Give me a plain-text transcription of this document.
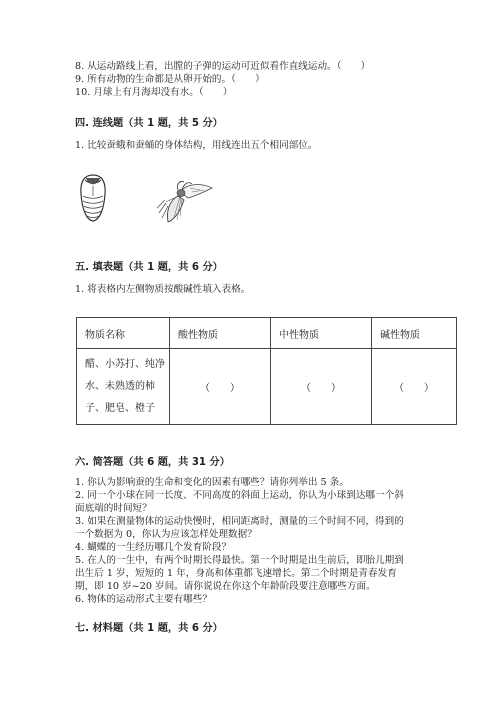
8. 从运动路线上看，出膛的子弹的运动可近似看作直线运动。（　　）
9. 所有动物的生命都是从卵开始的。（　　）
10. 月球上有月海却没有水。（　　）
四. 连线题（共 1 题，共 5 分）
1. 比较蚕蛾和蚕蛹的身体结构，用线连出五个相同部位。
五. 填表题（共 1 题，共 6 分）
1. 将表格内左侧物质按酸碱性填入表格。
物质名称	酸性物质	中性物质	碱性物质

醋、小苏打、纯净
水、未熟透的柿
子、肥皂、橙子	（　　）	（　　）	（　　）
六. 简答题（共 6 题，共 31 分）
1. 你认为影响蚕的生命和变化的因素有哪些？请你列举出 5 条。
2. 同一个小球在同一长度、不同高度的斜面上运动，你认为小球到达哪一个斜
面底端的时间短？
3. 如果在测量物体的运动快慢时，相同距离时，测量的三个时间不同，得到的
一个数据为 0，你认为应该怎样处理数据？
4. 蝴蝶的一生经历哪几个发育阶段？
5. 在人的一生中，有两个时期长得最快。第一个时期是出生前后，即胎儿期到
出生后 1 岁，短短的 1 年，身高和体重都飞速增长。第二个时期是青春发育
期，即 10 岁~20 岁间。请你说说在你这个年龄阶段要注意哪些方面。
6. 物体的运动形式主要有哪些？
七. 材料题（共 1 题，共 6 分）
